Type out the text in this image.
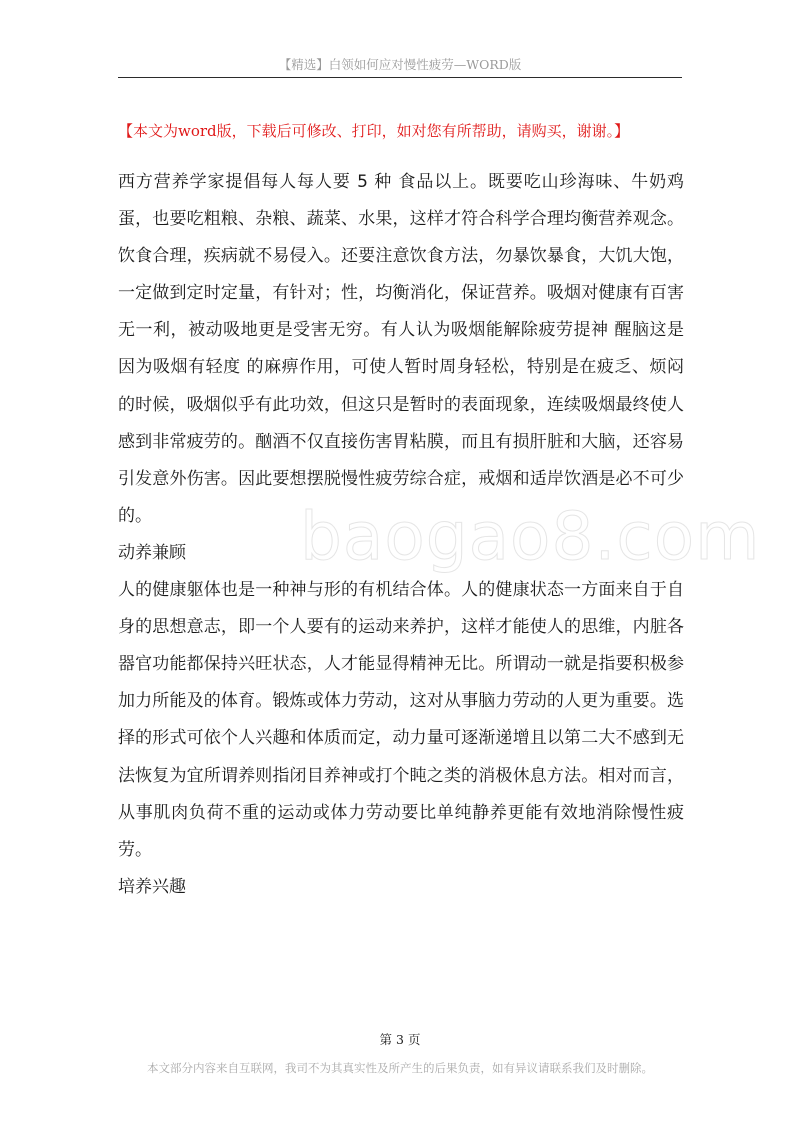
【精选】白领如何应对慢性疲劳—WORD版
【本文为word版，下载后可修改、打印，如对您有所帮助，请购买，谢谢。】

西方营养学家提倡每人每人要 5 种 食品以上。既要吃山珍海味、牛奶鸡蛋，也要吃粗粮、杂粮、蔬菜、水果，这样才符合科学合理均衡营养观念。饮食合理，疾病就不易侵入。还要注意饮食方法，勿暴饮暴食，大饥大饱，一定做到定时定量，有针对；性，均衡消化，保证营养。吸烟对健康有百害无一利，被动吸地更是受害无穷。有人认为吸烟能解除疲劳提神 醒脑这是因为吸烟有轻度 的麻痹作用，可使人暂时周身轻松，特别是在疲乏、烦闷的时候，吸烟似乎有此功效，但这只是暂时的表面现象，连续吸烟最终使人感到非常疲劳的。酗酒不仅直接伤害胃粘膜，而且有损肝脏和大脑，还容易引发意外伤害。因此要想摆脱慢性疲劳综合症，戒烟和适岸饮酒是必不可少的。

动养兼顾

人的健康躯体也是一种神与形的有机结合体。人的健康状态一方面来自于自身的思想意志，即一个人要有的运动来养护，这样才能使人的思维，内脏各器官功能都保持兴旺状态，人才能显得精神无比。所谓动一就是指要积极参加力所能及的体育。锻炼或体力劳动，这对从事脑力劳动的人更为重要。选择的形式可依个人兴趣和体质而定，动力量可逐渐递增且以第二大不感到无法恢复为宜所谓养则指闭目养神或打个盹之类的消极休息方法。相对而言，从事肌肉负荷不重的运动或体力劳动要比单纯静养更能有效地消除慢性疲劳。

培养兴趣

baogao8.com
第 3 页
本文部分内容来自互联网，我司不为其真实性及所产生的后果负责，如有异议请联系我们及时删除。
